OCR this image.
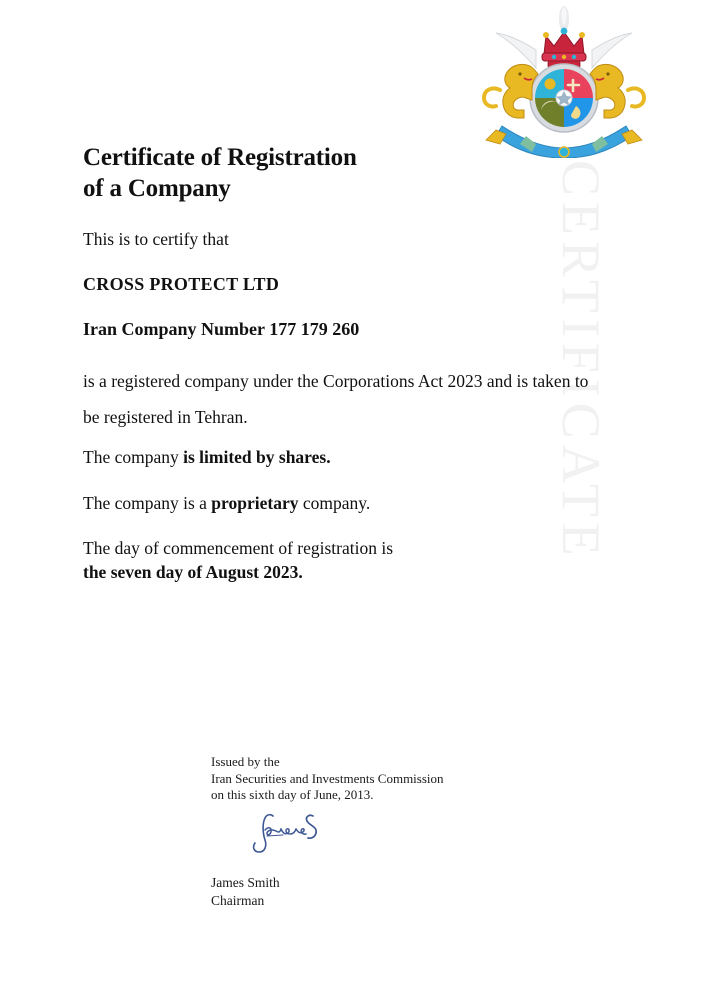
CERTIFICATE
Certificate of Registration
of a Company
This is to certify that
CROSS PROTECT LTD
Iran Company Number 177 179 260
is a registered company under the Corporations Act 2023 and is taken to be registered in Tehran.
The company is limited by shares.
The company is a proprietary company.
The day of commencement of registration is
the seven day of August 2023.
Issued by the
Iran Securities and Investments Commission
on this sixth day of June, 2013.
James Smith
Chairman
